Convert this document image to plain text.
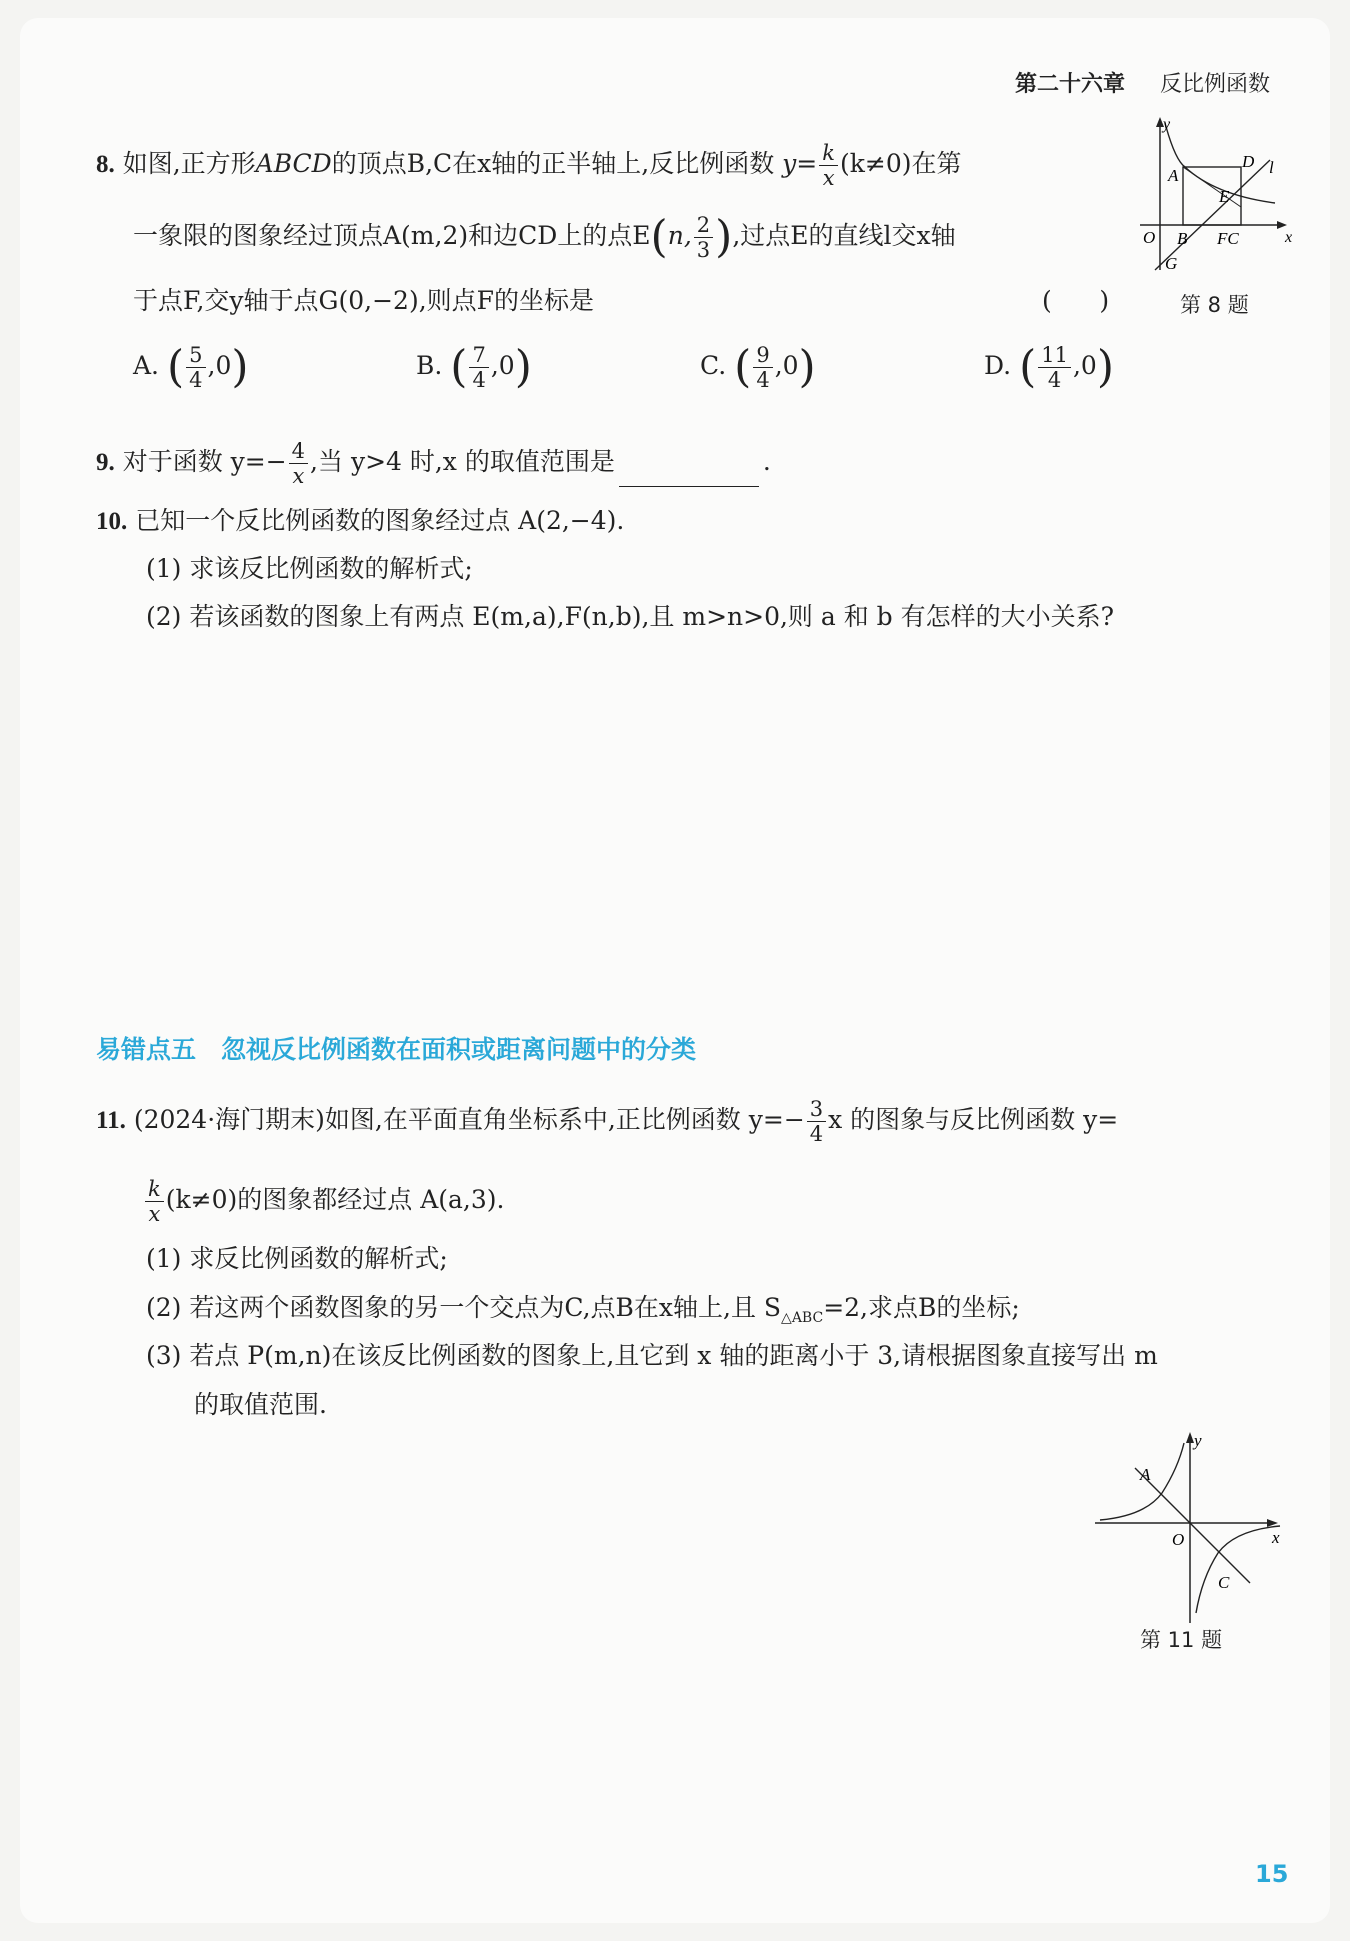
第二十六章 反比例函数
8. 如图,正方形ABCD的顶点B,C在x轴的正半轴上,反比例函数 $y= \frac{k}{x} (k\ne 0)$在第
一象限的图象经过顶点A(m,2)和边CD上的点E(n, $\frac{2}{3}$ ),过点E的直线l交x轴
于点F,交y轴于点G(0,−2),则点F的坐标是	(      )	第 8 题
A. ( $\frac{5}{4} ,0$)	B. ( $\frac{7}{4} ,0$)	C. ( $\frac{9}{4} ,0$)	D. ( $\frac{11}{4} ,0$)
y
x
O
A
B
D
E
FC
l
G
9. 对于函数 $y=- \frac{4}{x}$ ,当 y>4 时,x 的取值范围是	.
10. 已知一个反比例函数的图象经过点 A(2,−4).
(1) 求该反比例函数的解析式;
(2) 若该函数的图象上有两点 E(m,a),F(n,b),且 m>n>0,则 a 和 b 有怎样的大小关系?
易错点五　忽视反比例函数在面积或距离问题中的分类
11. (2024·海门期末)如图,在平面直角坐标系中,正比例函数 $y=- \frac{3}{4}$ x 的图象与反比例函数 y=
$\frac{k}{x} (k\ne 0)$的图象都经过点 A(a,3).
(1) 求反比例函数的解析式;
(2) 若这两个函数图象的另一个交点为C,点B在x轴上,且 $S_{\triangle ABC}=2$,求点B的坐标;
(3) 若点 P(m,n)在该反比例函数的图象上,且它到 x 轴的距离小于 3,请根据图象直接写出 m
的取值范围.
y
x
O
A
C
第 11 题
15
